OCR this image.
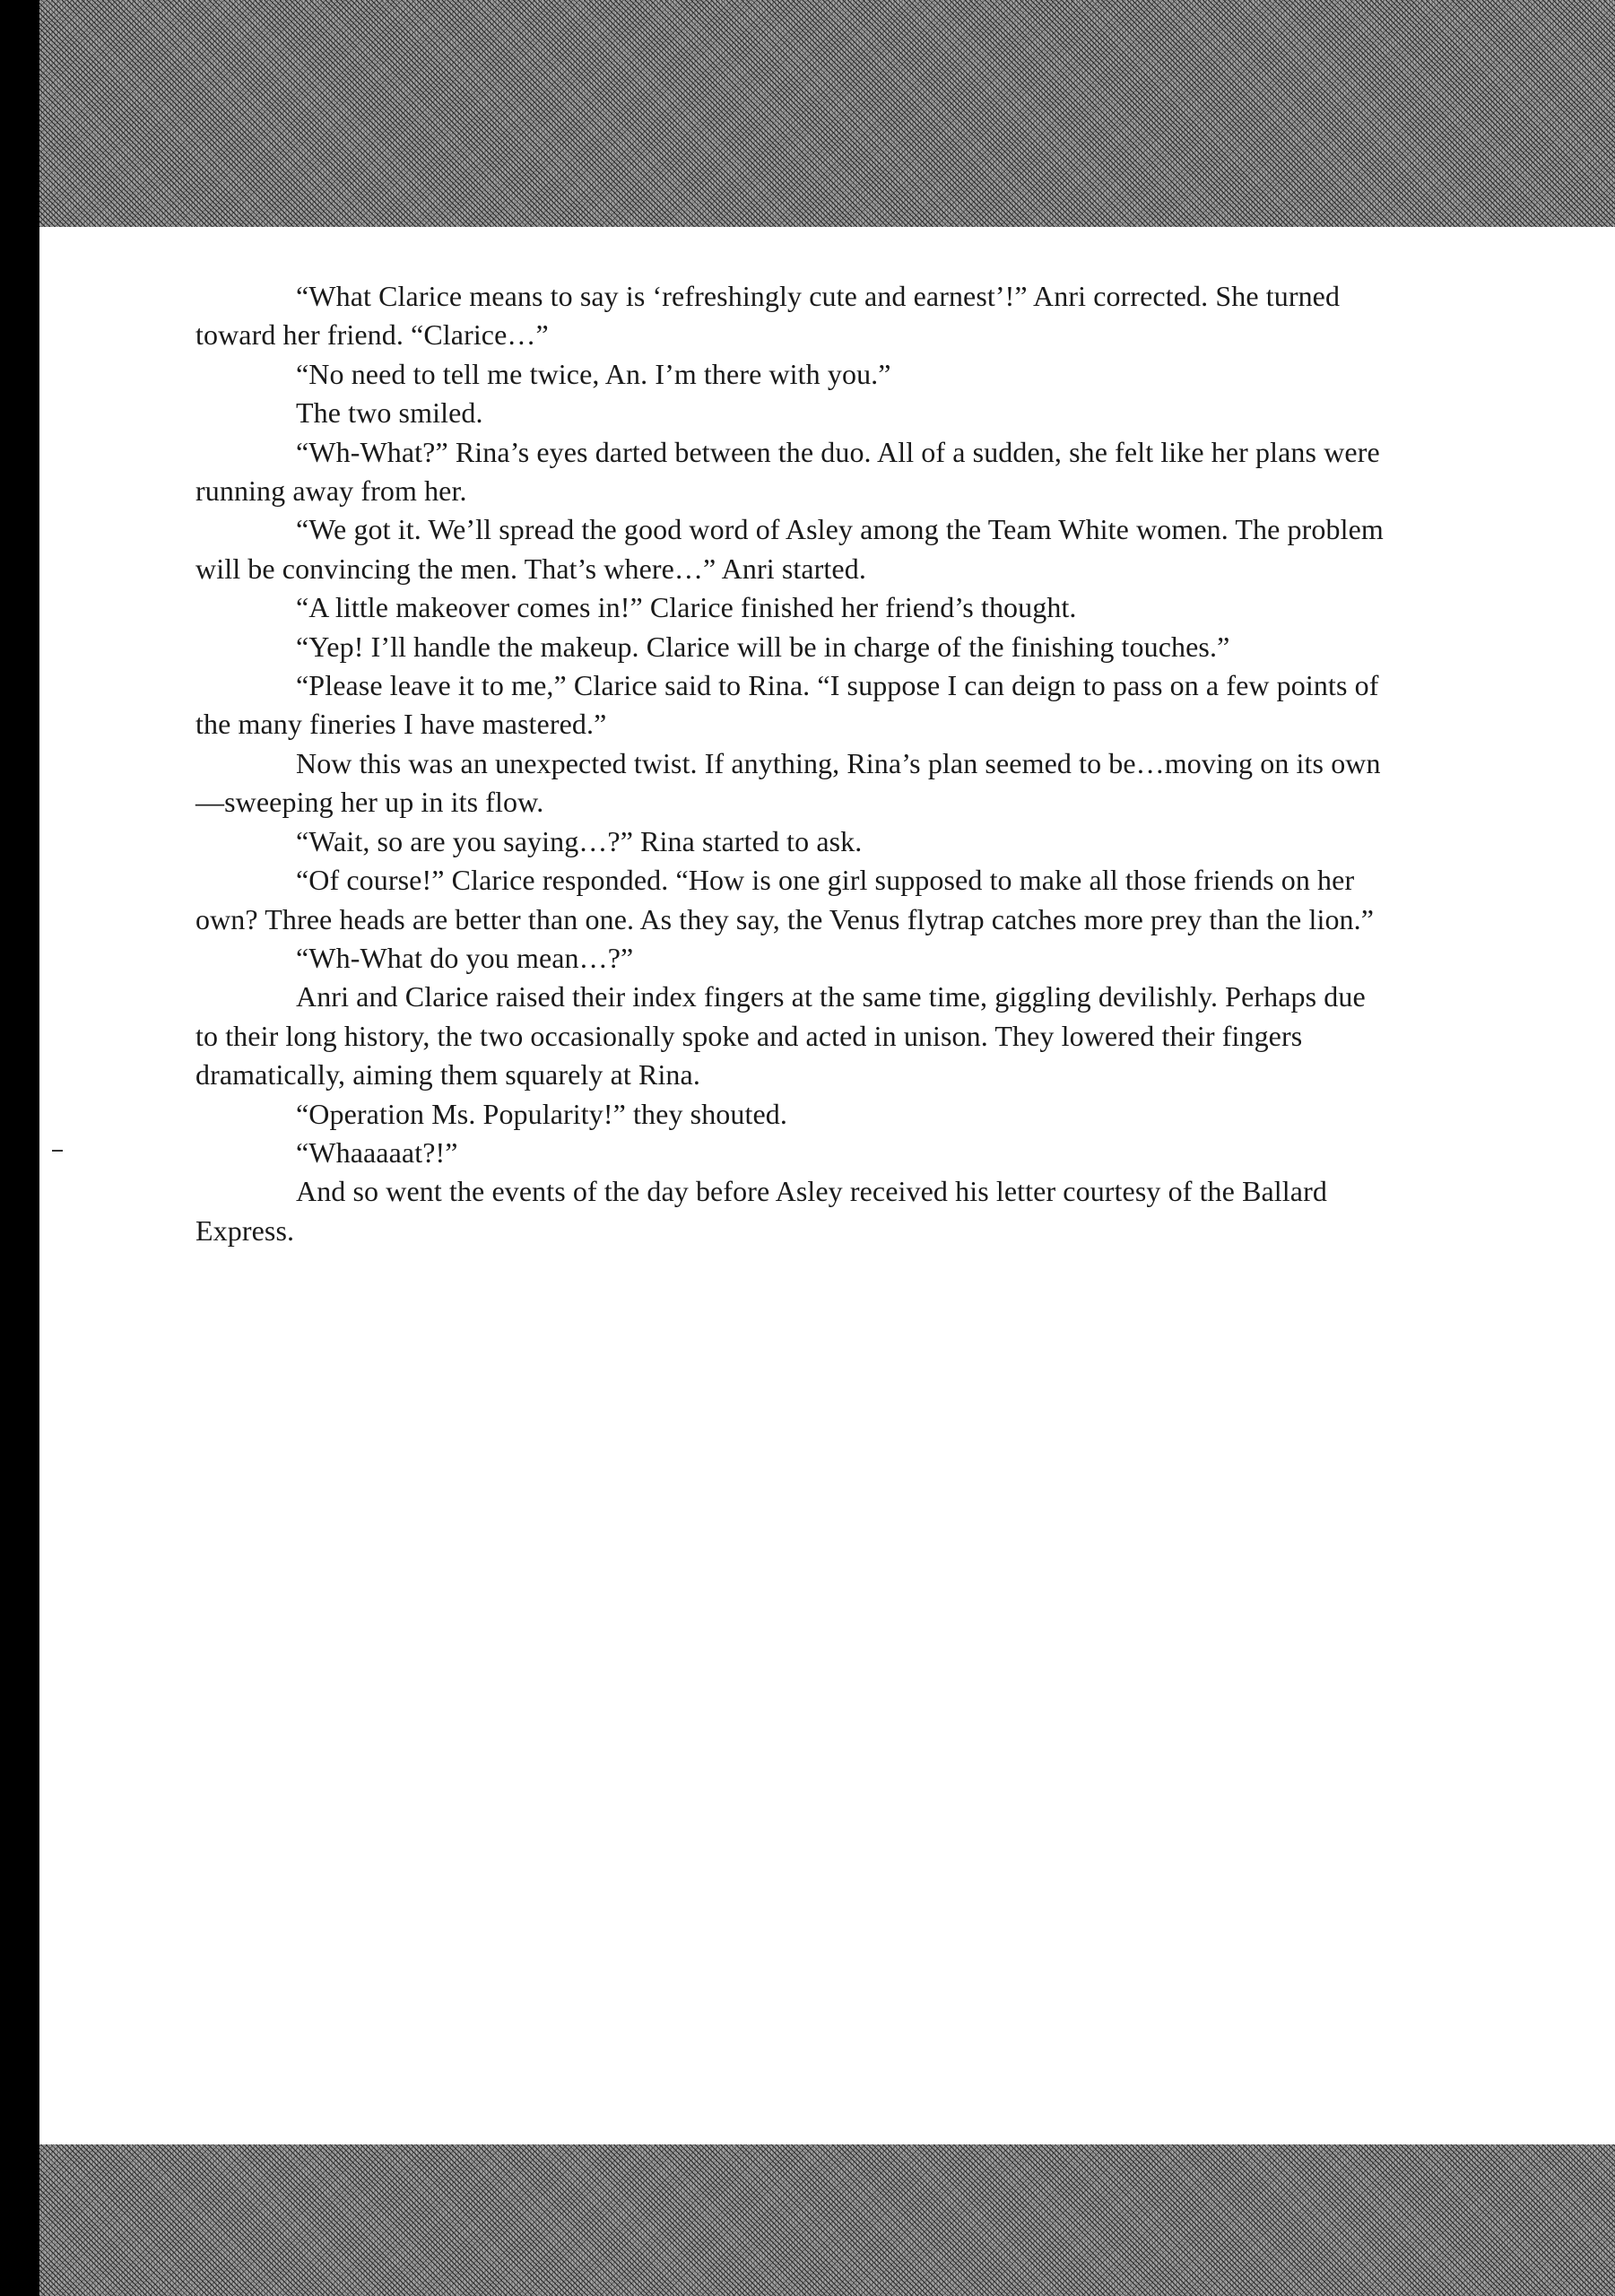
“What Clarice means to say is ‘refreshingly cute and earnest’!” Anri corrected. She turned toward her friend. “Clarice…”

“No need to tell me twice, An. I’m there with you.”

The two smiled.

“Wh-What?” Rina’s eyes darted between the duo. All of a sudden, she felt like her plans were running away from her.

“We got it. We’ll spread the good word of Asley among the Team White women. The problem will be convincing the men. That’s where…” Anri started.

“A little makeover comes in!” Clarice finished her friend’s thought.

“Yep! I’ll handle the makeup. Clarice will be in charge of the finishing touches.”

“Please leave it to me,” Clarice said to Rina. “I suppose I can deign to pass on a few points of the many fineries I have mastered.”

Now this was an unexpected twist. If anything, Rina’s plan seemed to be…moving on its own—sweeping her up in its flow.

“Wait, so are you saying…?” Rina started to ask.

“Of course!” Clarice responded. “How is one girl supposed to make all those friends on her own? Three heads are better than one. As they say, the Venus flytrap catches more prey than the lion.”

“Wh-What do you mean…?”

Anri and Clarice raised their index fingers at the same time, giggling devilishly. Perhaps due to their long history, the two occasionally spoke and acted in unison. They lowered their fingers dramatically, aiming them squarely at Rina.

“Operation Ms. Popularity!” they shouted.

“Whaaaaat?!”

And so went the events of the day before Asley received his letter courtesy of the Ballard Express.
